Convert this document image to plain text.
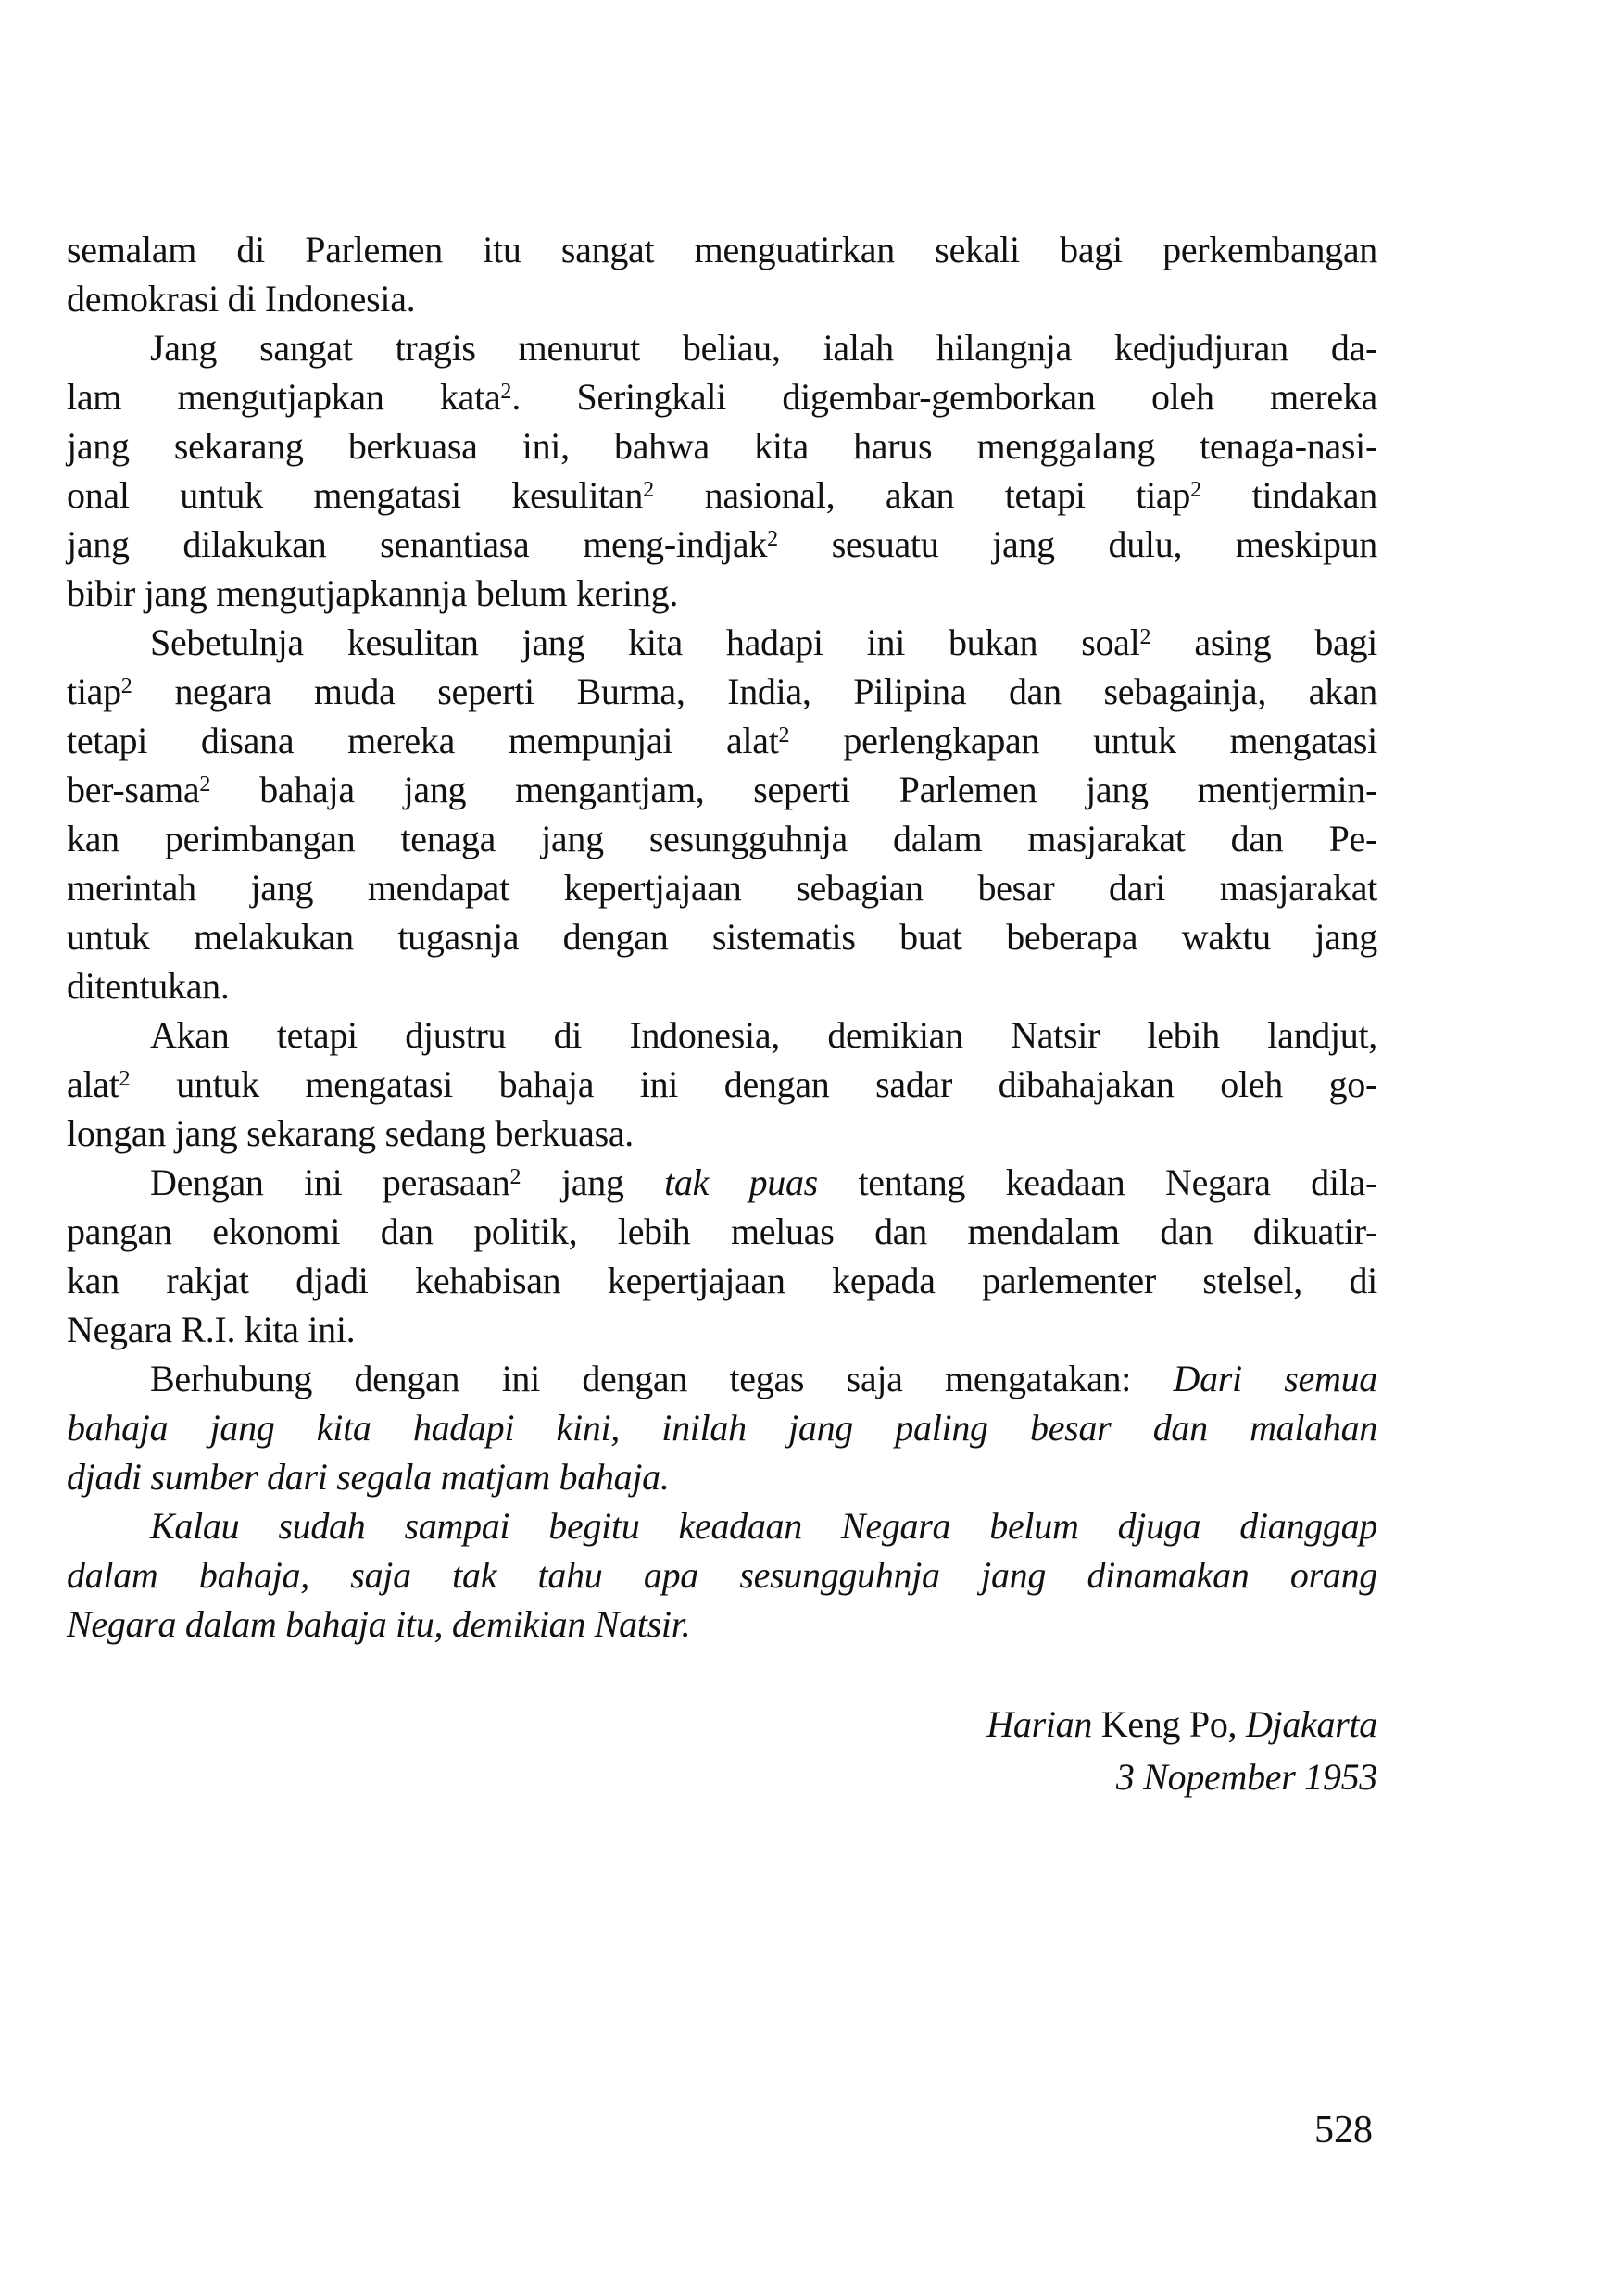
semalam di Parlemen itu sangat menguatirkan sekali bagi perkembangan
demokrasi di Indonesia.
Jang sangat tragis menurut beliau, ialah hilangnja kedjudjuran da-
lam mengutjapkan kata$^2$. Seringkali digembar-gemborkan oleh mereka
jang sekarang berkuasa ini, bahwa kita harus menggalang tenaga-nasi-
onal untuk mengatasi kesulitan$^2$ nasional, akan tetapi tiap$^2$ tindakan
jang dilakukan senantiasa meng-indjak$^2$ sesuatu jang dulu, meskipun
bibir jang mengutjapkannja belum kering.
Sebetulnja kesulitan jang kita hadapi ini bukan soal$^2$ asing bagi
tiap$^2$ negara muda seperti Burma, India, Pilipina dan sebagainja, akan
tetapi disana mereka mempunjai alat$^2$ perlengkapan untuk mengatasi
ber-sama$^2$ bahaja jang mengantjam, seperti Parlemen jang mentjermin-
kan perimbangan tenaga jang sesungguhnja dalam masjarakat dan Pe-
merintah jang mendapat kepertjajaan sebagian besar dari masjarakat
untuk melakukan tugasnja dengan sistematis buat beberapa waktu jang
ditentukan.
Akan tetapi djustru di Indonesia, demikian Natsir lebih landjut,
alat$^2$ untuk mengatasi bahaja ini dengan sadar dibahajakan oleh go-
longan jang sekarang sedang berkuasa.
Dengan ini perasaan$^2$ jang tak puas tentang keadaan Negara dila-
pangan ekonomi dan politik, lebih meluas dan mendalam dan dikuatir-
kan rakjat djadi kehabisan kepertjajaan kepada parlementer stelsel, di
Negara R.I. kita ini.
Berhubung dengan ini dengan tegas saja mengatakan: Dari semua
bahaja jang kita hadapi kini, inilah jang paling besar dan malahan
djadi sumber dari segala matjam bahaja.
Kalau sudah sampai begitu keadaan Negara belum djuga dianggap
dalam bahaja, saja tak tahu apa sesungguhnja jang dinamakan orang
Negara dalam bahaja itu, demikian Natsir.
Harian Keng Po, Djakarta
3 Nopember 1953
528
